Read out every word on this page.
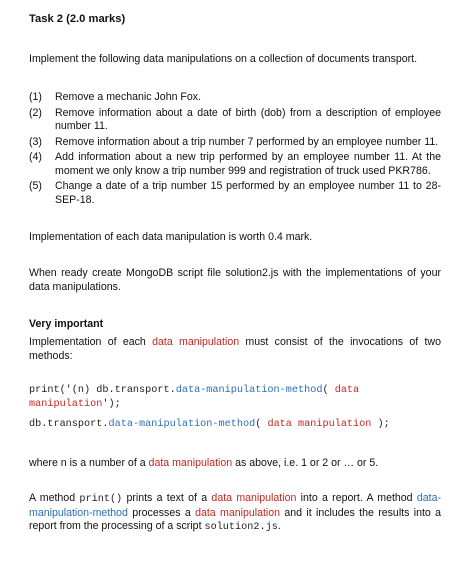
Task 2 (2.0 marks)
Implement the following data manipulations on a collection of documents transport.
(1)	Remove a mechanic John Fox.
(2)	Remove information about a date of birth (dob) from a description of employee number 11.
(3)	Remove information about a trip number 7 performed by an employee number 11.
(4)	Add information about a new trip performed by an employee number 11. At the moment we only know a trip number 999 and registration of truck used PKR786.
(5)	Change a date of a trip number 15 performed by an employee number 11 to 28-SEP-18.
Implementation of each data manipulation is worth 0.4 mark.
When ready create MongoDB script file solution2.js with the implementations of your data manipulations.
Very important
Implementation of each data manipulation must consist of the invocations of two methods:
print('(n) db.transport.data-manipulation-method( data manipulation');
db.transport.data-manipulation-method( data manipulation );
where n is a number of a data manipulation as above, i.e. 1 or 2 or … or 5.
A method print() prints a text of a data manipulation into a report. A method data-manipulation-method processes a data manipulation and it includes the results into a report from the processing of a script solution2.js.
